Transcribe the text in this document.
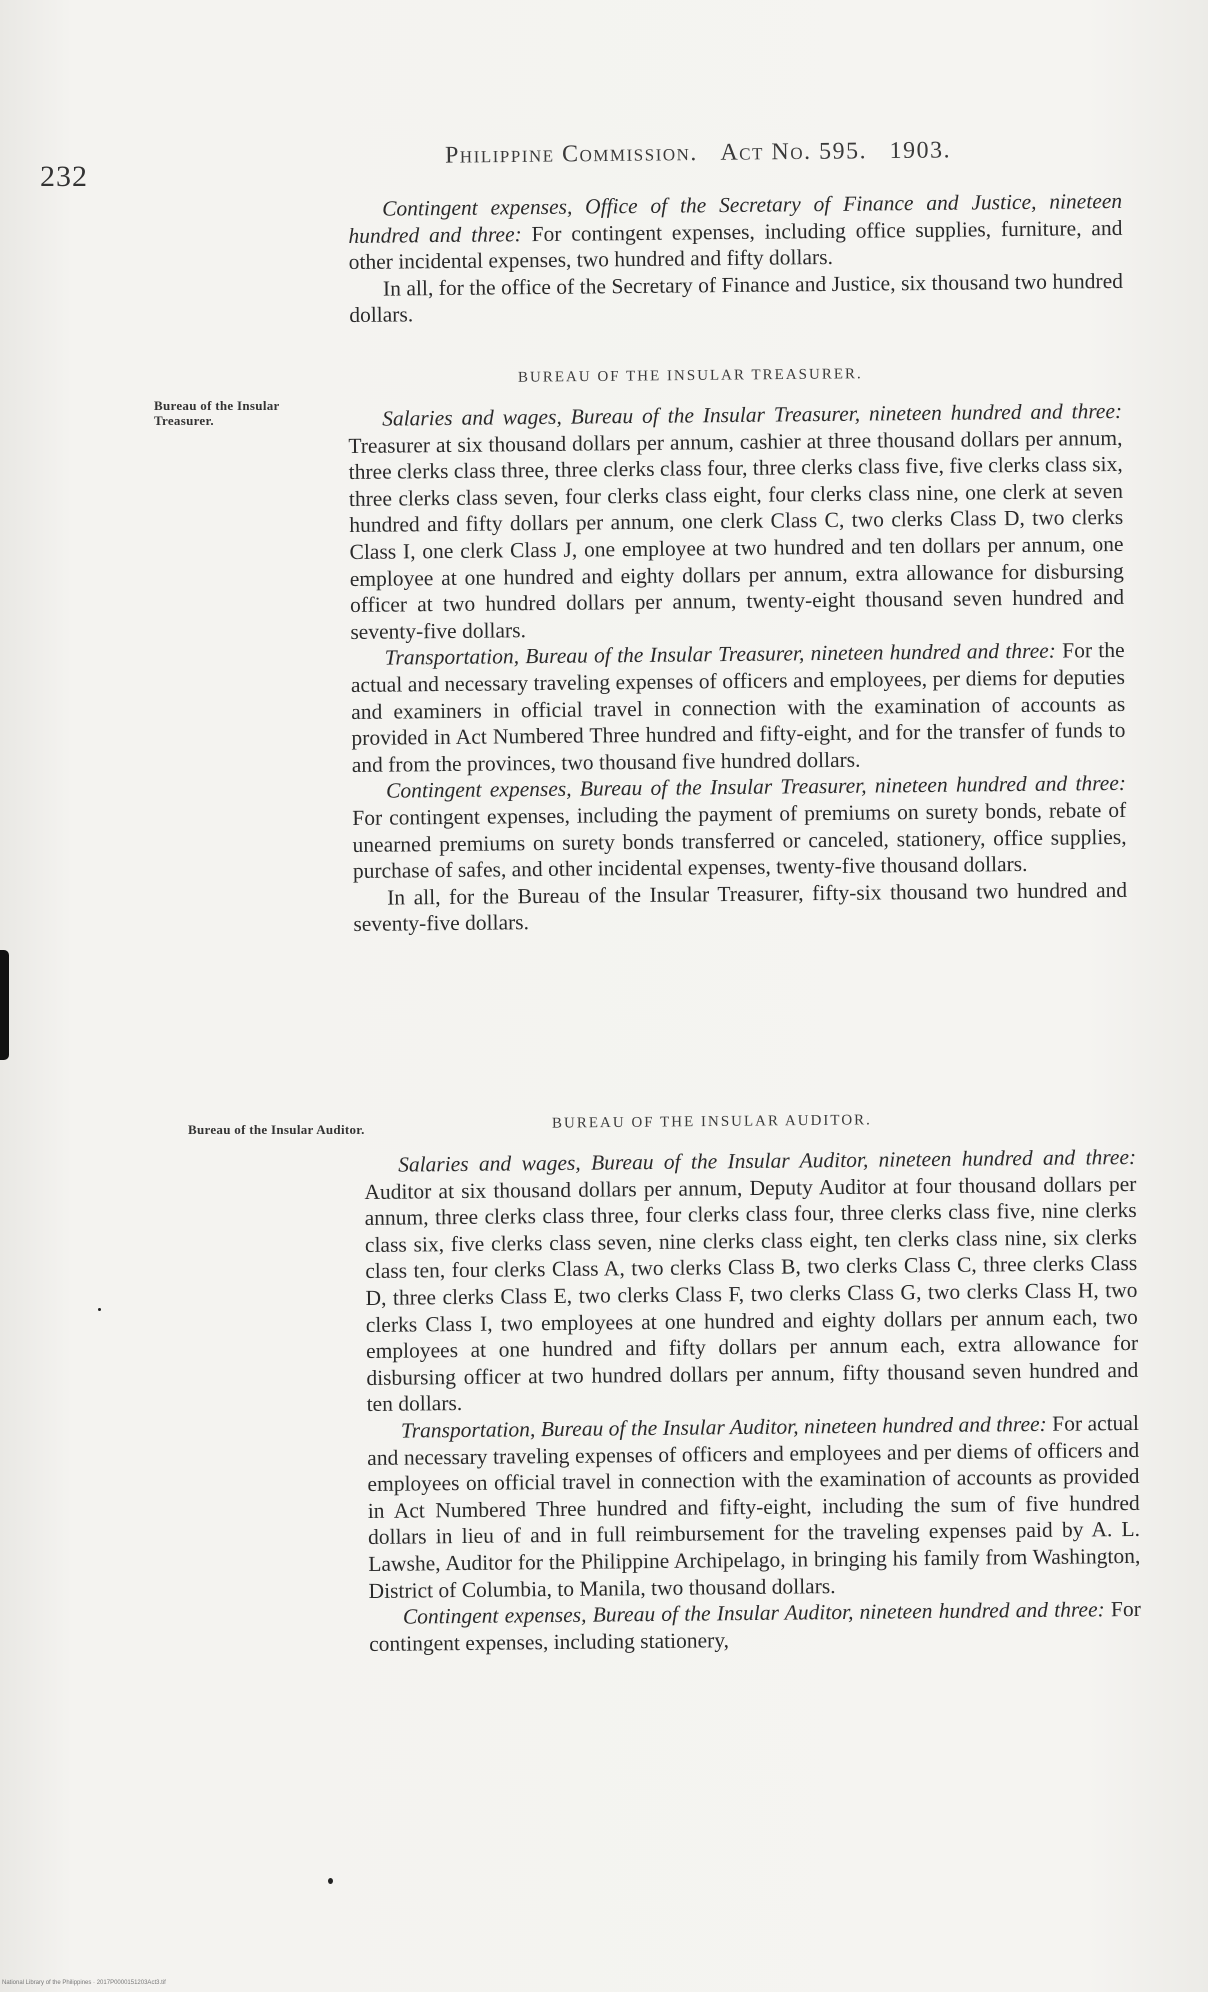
232
Philippine Commission. Act No. 595. 1903.

Contingent expenses, Office of the Secretary of Finance and Justice, nineteen hundred and three: For contingent expenses, including office supplies, furniture, and other incidental expenses, two hundred and fifty dollars.

In all, for the office of the Secretary of Finance and Justice, six thousand two hundred dollars.

Bureau of the Insular Treasurer.
BUREAU OF THE INSULAR TREASURER.

Salaries and wages, Bureau of the Insular Treasurer, nineteen hundred and three: Treasurer at six thousand dollars per annum, cashier at three thousand dollars per annum, three clerks class three, three clerks class four, three clerks class five, five clerks class six, three clerks class seven, four clerks class eight, four clerks class nine, one clerk at seven hundred and fifty dollars per annum, one clerk Class C, two clerks Class D, two clerks Class I, one clerk Class J, one employee at two hundred and ten dollars per annum, one employee at one hundred and eighty dollars per annum, extra allowance for disbursing officer at two hundred dollars per annum, twenty-eight thousand seven hundred and seventy-five dollars.

Transportation, Bureau of the Insular Treasurer, nineteen hundred and three: For the actual and necessary traveling expenses of officers and employees, per diems for deputies and examiners in official travel in connection with the examination of accounts as provided in Act Numbered Three hundred and fifty-eight, and for the transfer of funds to and from the provinces, two thousand five hundred dollars.

Contingent expenses, Bureau of the Insular Treasurer, nineteen hundred and three: For contingent expenses, including the payment of premiums on surety bonds, rebate of unearned premiums on surety bonds transferred or canceled, stationery, office supplies, purchase of safes, and other incidental expenses, twenty-five thousand dollars.

In all, for the Bureau of the Insular Treasurer, fifty-six thousand two hundred and seventy-five dollars.

Bureau of the Insular Auditor.	BUREAU OF THE INSULAR AUDITOR.

Salaries and wages, Bureau of the Insular Auditor, nineteen hundred and three: Auditor at six thousand dollars per annum, Deputy Auditor at four thousand dollars per annum, three clerks class three, four clerks class four, three clerks class five, nine clerks class six, five clerks class seven, nine clerks class eight, ten clerks class nine, six clerks class ten, four clerks Class A, two clerks Class B, two clerks Class C, three clerks Class D, three clerks Class E, two clerks Class F, two clerks Class G, two clerks Class H, two clerks Class I, two employees at one hundred and eighty dollars per annum each, two employees at one hundred and fifty dollars per annum each, extra allowance for disbursing officer at two hundred dollars per annum, fifty thousand seven hundred and ten dollars.

Transportation, Bureau of the Insular Auditor, nineteen hundred and three: For actual and necessary traveling expenses of officers and employees and per diems of officers and employees on official travel in connection with the examination of accounts as provided in Act Numbered Three hundred and fifty-eight, including the sum of five hundred dollars in lieu of and in full reimbursement for the traveling expenses paid by A. L. Lawshe, Auditor for the Philippine Archipelago, in bringing his family from Washington, District of Columbia, to Manila, two thousand dollars.

Contingent expenses, Bureau of the Insular Auditor, nineteen hundred and three: For contingent expenses, including stationery,

National Library of the Philippines · 2017P0000151203Act3.tif
